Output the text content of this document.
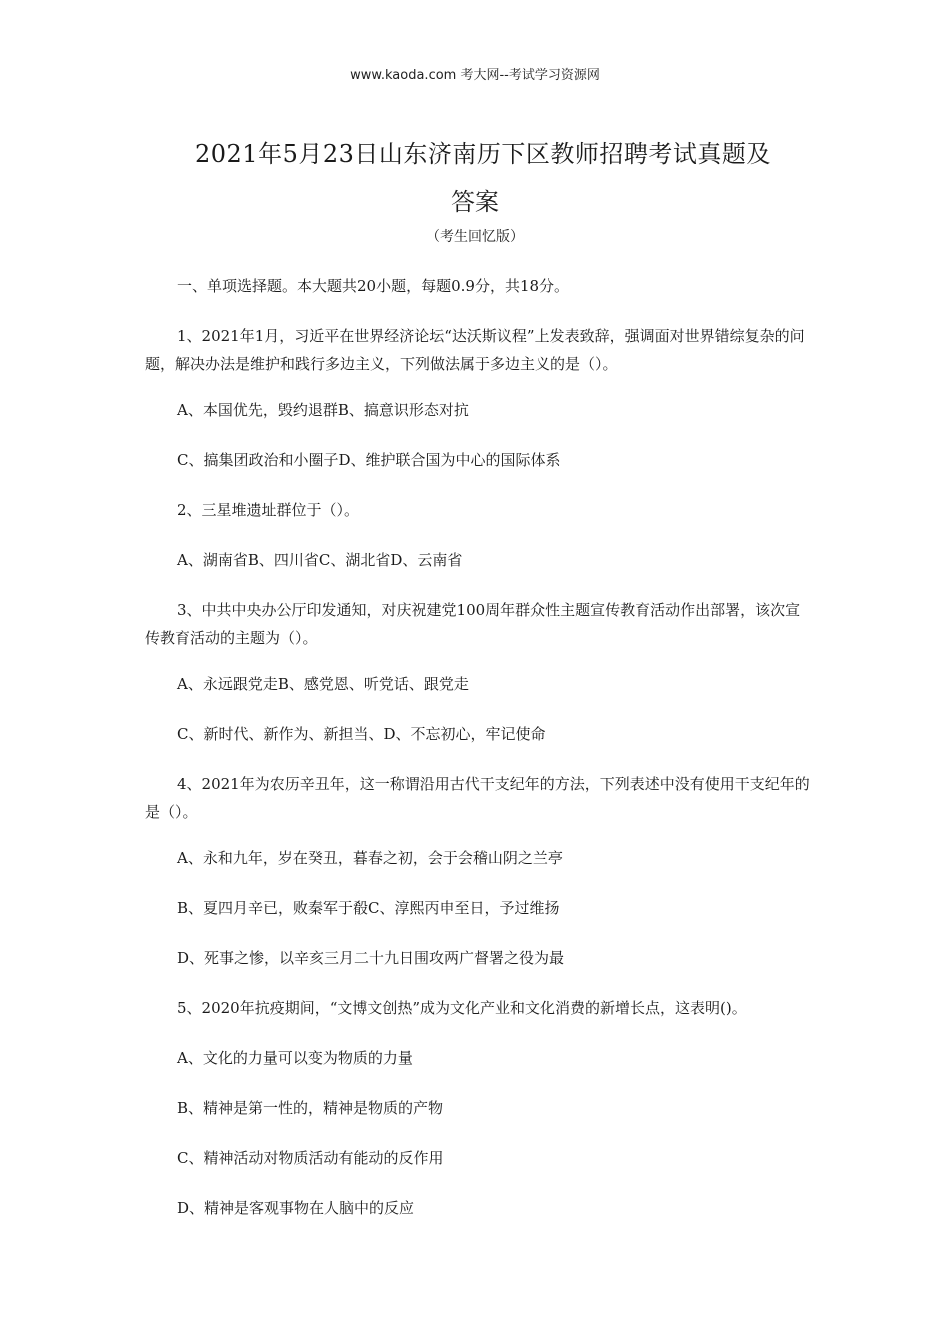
www.kaoda.com 考大网--考试学习资源网
2021年5月23日山东济南历下区教师招聘考试真题及
答案
（考生回忆版）
一、单项选择题。本大题共20小题，每题0.9分，共18分。
1、2021年1月，习近平在世界经济论坛“达沃斯议程”上发表致辞，强调面对世界错综复杂的问题，解决办法是维护和践行多边主义，下列做法属于多边主义的是（）。
A、本国优先，毁约退群B、搞意识形态对抗
C、搞集团政治和小圈子D、维护联合国为中心的国际体系
2、三星堆遗址群位于（）。
A、湖南省B、四川省C、湖北省D、云南省
3、中共中央办公厅印发通知，对庆祝建党100周年群众性主题宣传教育活动作出部署，该次宣传教育活动的主题为（）。
A、永远跟党走B、感党恩、听党话、跟党走
C、新时代、新作为、新担当、D、不忘初心，牢记使命
4、2021年为农历辛丑年，这一称谓沿用古代干支纪年的方法，下列表述中没有使用干支纪年的是（）。
A、永和九年，岁在癸丑，暮春之初，会于会稽山阴之兰亭
B、夏四月辛已，败秦军于殽C、淳熙丙申至日，予过维扬
D、死事之惨，以辛亥三月二十九日围攻两广督署之役为最
5、2020年抗疫期间，“文博文创热”成为文化产业和文化消费的新增长点，这表明()。
A、文化的力量可以变为物质的力量
B、精神是第一性的，精神是物质的产物
C、精神活动对物质活动有能动的反作用
D、精神是客观事物在人脑中的反应
